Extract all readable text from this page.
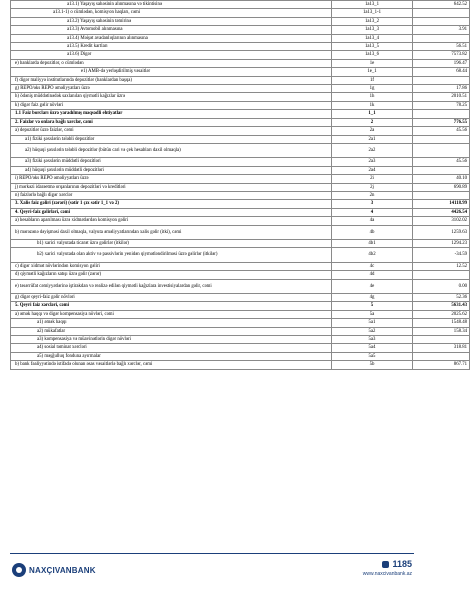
a13.1) Yaşayış sahəsinin alınmasına və tikintisinə	1a13_1	642.52
a13.1-1) o cümlədən, komisyon haqları, cəmi	1a13_1-1	
a13.2) Yaşayış sahəsinin təmirinə	1a13_2	
a13.3) Avtomobil alınmasına	1a13_3	3.91
a13.4) Məişət avadanlıqlarının alınmasına	1a13_4	
a13.5) Kredit kartları	1a13_5	56.51
a13.6) Digər	1a13_6	7573.82
e) banklarda depozitlər, o cümlədən	1e	196.47
e1) AMB-də yerləşdirilmiş vəsaitlər	1e_1	68.44
f) digər maliyyə institutlarında depozitlər (banklardan başqa)	1f	
g) REPO/əks REPO əməliyyatları üzrə	1g	17.86
h) ödəniş müddətinədək saxlanılan qiymətli kağızlar üzrə	1h	2010.51
k) digər faiz gəlir növləri	1k	78.25
1.1 Faiz borcları üzrə yaradılmış məqsədli ehtiyatlar	1_1	
2. Faizlər və onlara bağlı xərclər, cəmi	2	776.55
a) depozitlər üzrə faizlər, cəmi	2a	45.56
a1) fiziki şəxslərin tələbli depozitlər	2a1	
a2) hüquqi şəxslərin tələbli depozitlər (bütün cari və çek hesabları daxil olmaqla)	2a2	
a3) fiziki şəxslərin müddətli depozitləri	2a3	45.56
a4) hüquqi şəxslərin müddətli depozitləri	2a4	
i) REPO/əks REPO əməliyyatları üzrə	2i	40.10
j) mərkəzi idarəetmə orqanlarının depozitləri və kreditləri	2j	690.89
n) faizlərlə bağlı digər xərclər	2n	
3. Xalis faiz gəliri (zərəri) (sətir 1 çıx sətir 1_1 və 2)	3	14118.99
4. Qeyri-faiz gəlirləri, cəmi	4	4426.54
a) hesabların aparılması üzrə xidmətlərdən komisyon gəliri	4a	3102.02
b) mərəzənə dəyişməsi daxil olmaqla, valyuta əməliyyatlarından xalis gəlir (itki), cəmi	4b	1259.63
b1) xarici valyutada ticarət üzrə gəlirlər (itkilər)	4b1	1294.23
b2) xarici valyutada olan aktiv və passivlərin yenidən qiymətləndirilməsi üzrə gəlirlər (itkilər)	4b2	-34.59
c) digər xidmət növlərindən komisyon gəliri	4c	12.52
d) qiymətli kağızların satışı üzrə gəlir (zərər)	4d	
e) təsərrüfat cəmiyyətlərinə iştirakdan və realizə edilən qiymətli kağızlara investisiyalardan gəlir, cəmi	4e	0.00
g) digər qeyri-faiz gəlir növləri	4g	52.36
5. Qeyri faiz xərcləri, cəmi	5	5631.43
a) əmək haqqı və digər kompensasiya növləri, cəmi	5a	2025.62
a1) əmək haqqı	5a1	1548.48
a2) mükafatlar	5a2	158.34
a3) kompensasiya və müavinətlərin digər növləri	5a3	
a4) sosial təminat xərcləri	5a4	318.81
a5) məşğulluq fonduna ayırmalar	5a5	
b) bank fəaliyyətində istifadə olunan əsas vəsaitlərlə bağlı xərclər, cəmi	5b	867.71
NAXÇIVANBANK
1185
www.naxcivanbank.az
